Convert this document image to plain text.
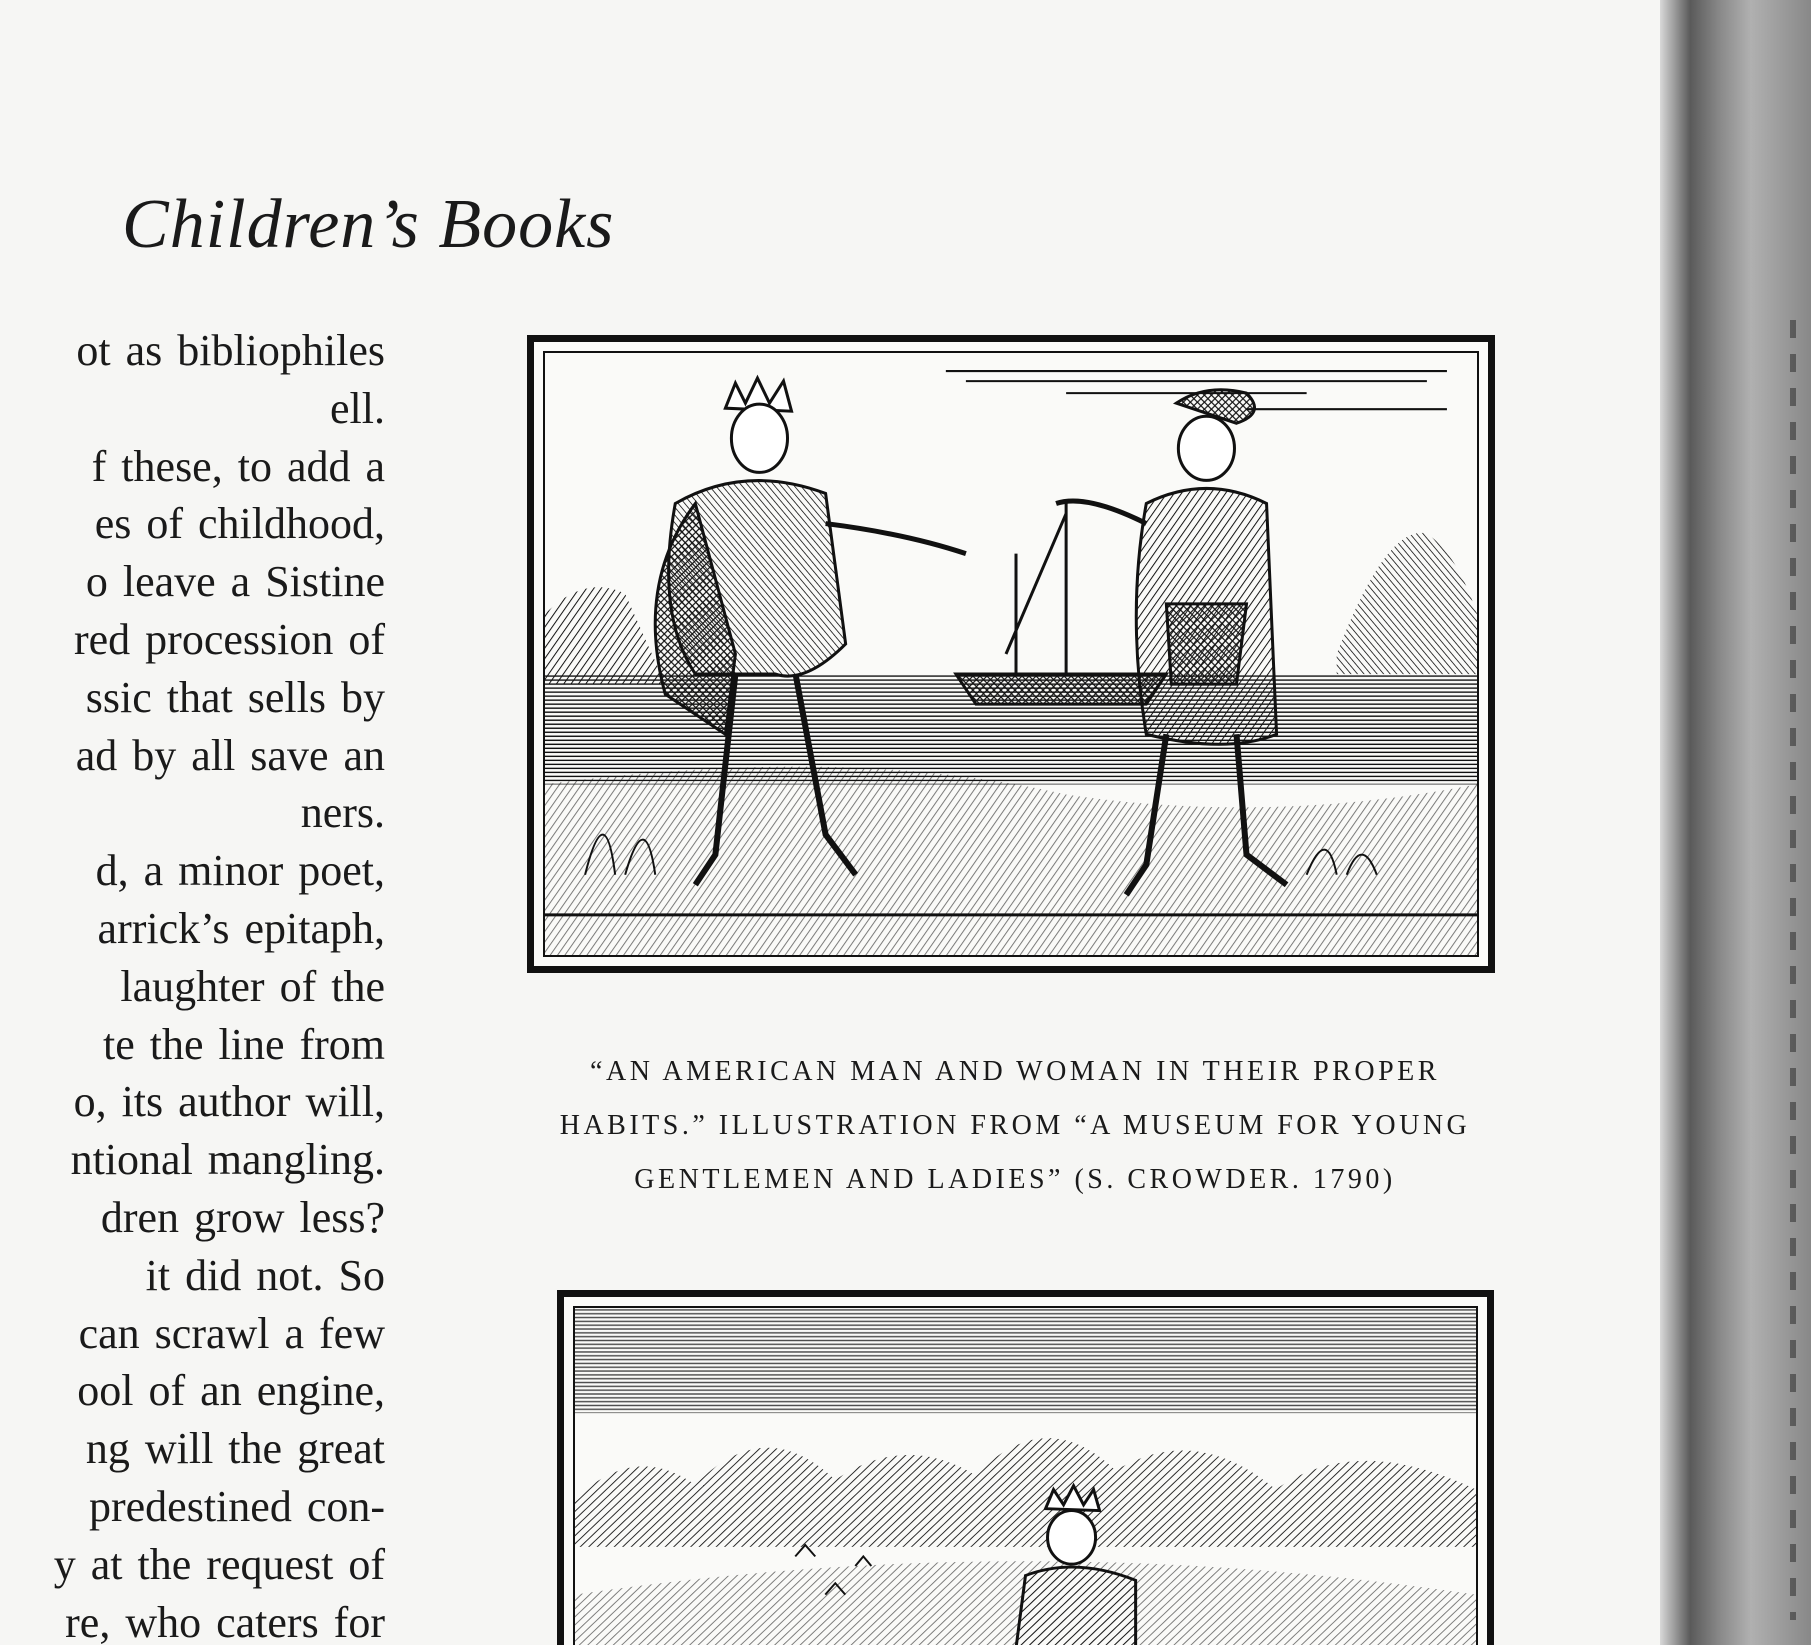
Children’s Books
ot as bibliophiles
ell.
f these, to add a
es of childhood,
o leave a Sistine
red procession of
ssic that sells by
ad by all save an
ners.
d, a minor poet,
arrick’s epitaph,
laughter of the
te the line from
o, its author will,
ntional mangling.
dren grow less?
it did not. So
can scrawl a few
ool of an engine,
ng will the great
predestined con-
y at the request of
re, who caters for

“AN AMERICAN MAN AND WOMAN IN THEIR PROPER
HABITS.” ILLUSTRATION FROM “A MUSEUM FOR YOUNG
GENTLEMEN AND LADIES” (S. CROWDER. 1790)
